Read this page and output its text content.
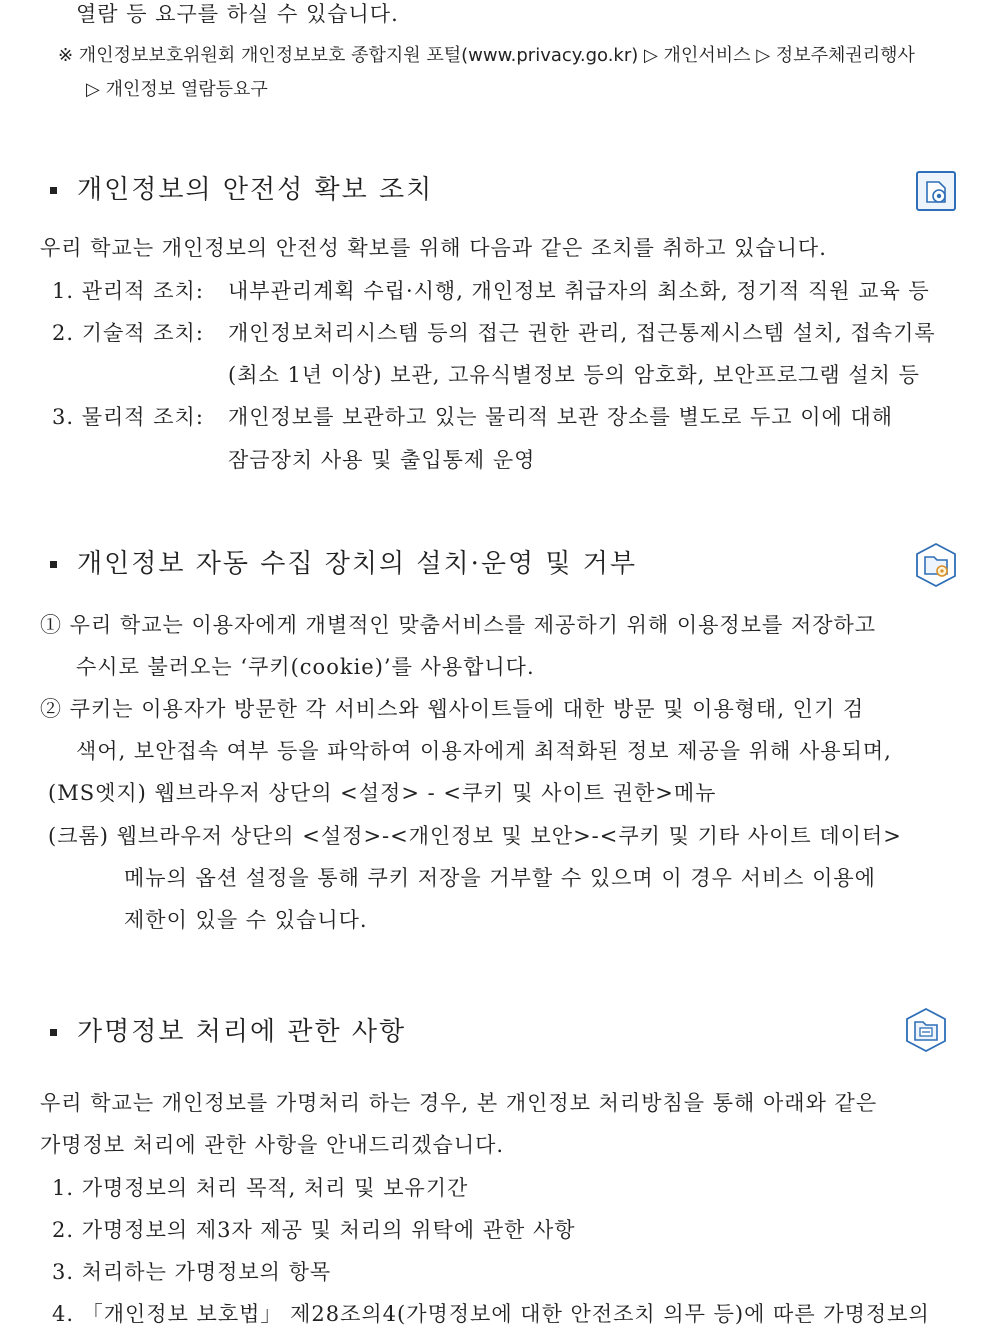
열람 등 요구를 하실 수 있습니다.
※ 개인정보보호위원회 개인정보보호 종합지원 포털(www.privacy.go.kr) ▷ 개인서비스 ▷ 정보주체권리행사
▷ 개인정보 열람등요구
개인정보의 안전성 확보 조치
우리 학교는 개인정보의 안전성 확보를 위해 다음과 같은 조치를 취하고 있습니다.
1. 관리적 조치: 내부관리계획 수립·시행, 개인정보 취급자의 최소화, 정기적 직원 교육 등
2. 기술적 조치: 개인정보처리시스템 등의 접근 권한 관리, 접근통제시스템 설치, 접속기록
(최소 1년 이상) 보관, 고유식별정보 등의 암호화, 보안프로그램 설치 등
3. 물리적 조치: 개인정보를 보관하고 있는 물리적 보관 장소를 별도로 두고 이에 대해
잠금장치 사용 및 출입통제 운영
개인정보 자동 수집 장치의 설치·운영 및 거부
① 우리 학교는 이용자에게 개별적인 맞춤서비스를 제공하기 위해 이용정보를 저장하고
수시로 불러오는 ‘쿠키(cookie)’를 사용합니다.
② 쿠키는 이용자가 방문한 각 서비스와 웹사이트들에 대한 방문 및 이용형태, 인기 검
색어, 보안접속 여부 등을 파악하여 이용자에게 최적화된 정보 제공을 위해 사용되며,
(MS엣지) 웹브라우저 상단의 <설정> - <쿠키 및 사이트 권한>메뉴
(크롬) 웹브라우저 상단의 <설정>-<개인정보 및 보안>-<쿠키 및 기타 사이트 데이터>
메뉴의 옵션 설정을 통해 쿠키 저장을 거부할 수 있으며 이 경우 서비스 이용에
제한이 있을 수 있습니다.
가명정보 처리에 관한 사항
우리 학교는 개인정보를 가명처리 하는 경우, 본 개인정보 처리방침을 통해 아래와 같은
가명정보 처리에 관한 사항을 안내드리겠습니다.
1. 가명정보의 처리 목적, 처리 및 보유기간
2. 가명정보의 제3자 제공 및 처리의 위탁에 관한 사항
3. 처리하는 가명정보의 항목
4. 「개인정보 보호법」 제28조의4(가명정보에 대한 안전조치 의무 등)에 따른 가명정보의
